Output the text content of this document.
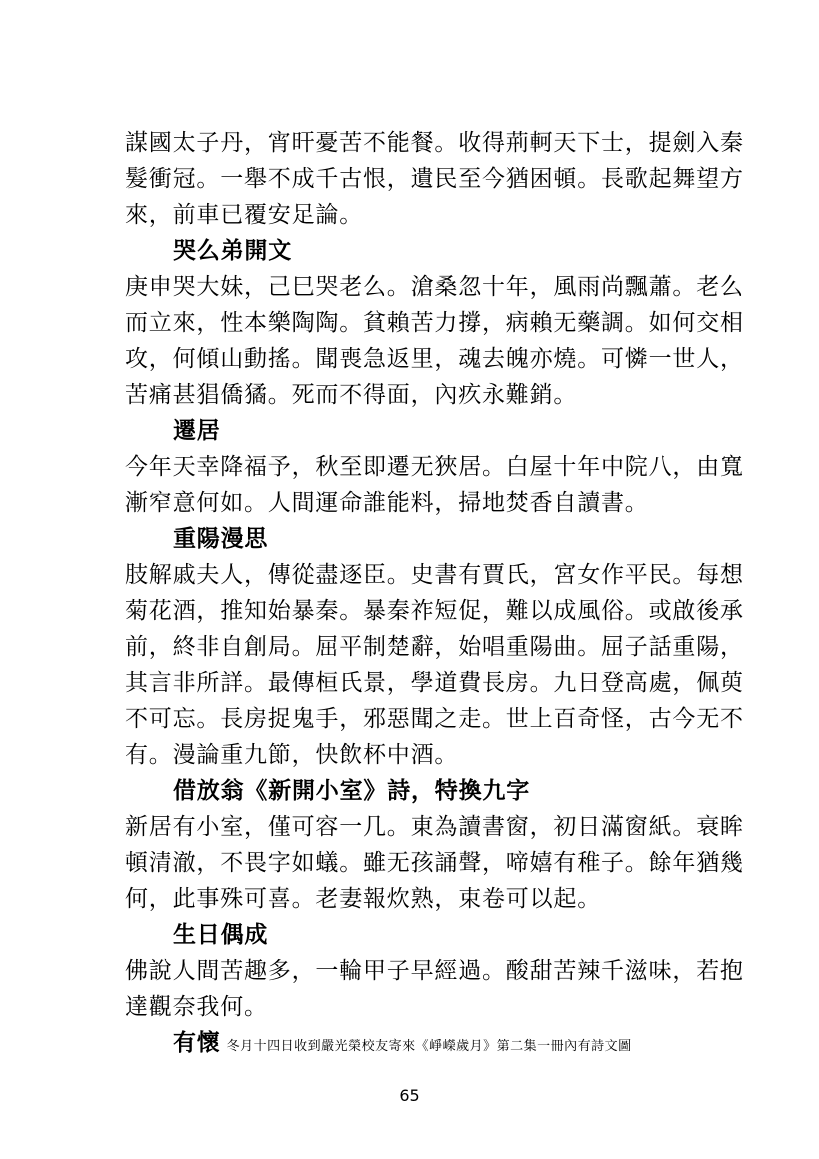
謀國太子丹，宵旰憂苦不能餐。收得荊軻天下士，提劍入秦
髮衝冠。一舉不成千古恨，遺民至今猶困頓。長歌起舞望方
來，前車已覆安足論。
哭么弟開文
庚申哭大妹，己巳哭老么。滄桑忽十年，風雨尚飄蕭。老么
而立來，性本樂陶陶。貧賴苦力撐，病賴无藥調。如何交相
攻，何傾山動搖。聞喪急返里，魂去魄亦燒。可憐一世人，
苦痛甚猖僑獝。死而不得面，內疚永難銷。
遷居
今年天幸降福予，秋至即遷无狹居。白屋十年中院八，由寬
漸窄意何如。人間運命誰能料，掃地焚香自讀書。
重陽漫思
肢解戚夫人，傳從盡逐臣。史書有賈氏，宮女作平民。每想
菊花酒，推知始暴秦。暴秦祚短促，難以成風俗。或啟後承
前，終非自創局。屈平制楚辭，始唱重陽曲。屈子話重陽，
其言非所詳。最傳桓氏景，學道費長房。九日登高處，佩萸
不可忘。長房捉鬼手，邪惡聞之走。世上百奇怪，古今无不
有。漫論重九節，快飲杯中酒。
借放翁《新開小室》詩，特換九字
新居有小室，僅可容一几。東為讀書窗，初日滿窗紙。衰眸
頓清澈，不畏字如蟻。雖无孩誦聲，啼嬉有稚子。餘年猶幾
何，此事殊可喜。老妻報炊熟，束卷可以起。
生日偶成
佛說人間苦趣多，一輪甲子早經過。酸甜苦辣千滋味，若抱
達觀奈我何。
有懷 冬月十四日收到嚴光榮校友寄來《崢嶸歲月》第二集一冊內有詩文圖
65
